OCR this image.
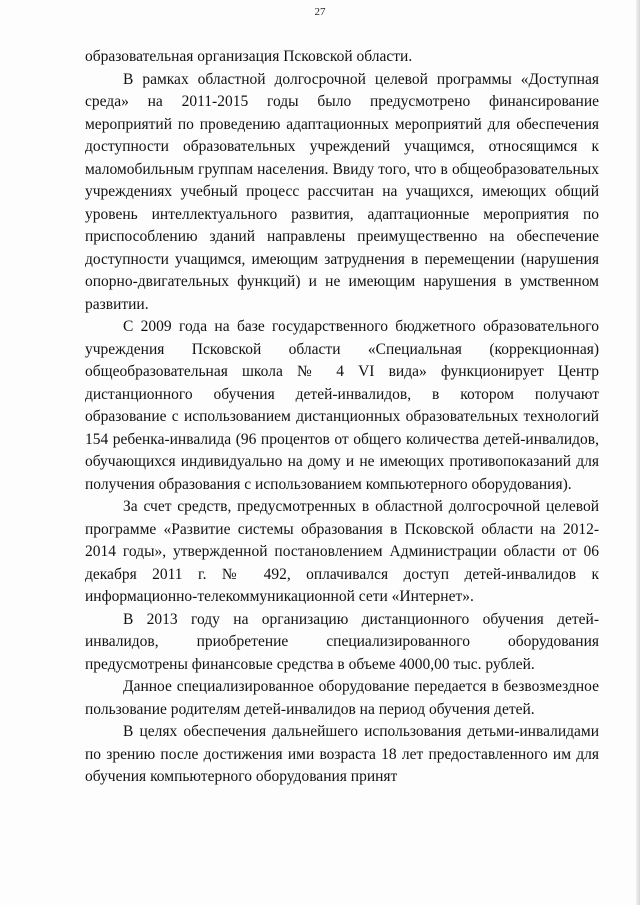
27

образовательная организация Псковской области.

В рамках областной долгосрочной целевой программы «Доступная среда» на 2011-2015 годы было предусмотрено финансирование мероприятий по проведению адаптационных мероприятий для обеспечения доступности образовательных учреждений учащимся, относящимся к маломобильным группам населения. Ввиду того, что в общеобразовательных учреждениях учебный процесс рассчитан на учащихся, имеющих общий уровень интеллектуального развития, адаптационные мероприятия по приспособлению зданий направлены преимущественно на обеспечение доступности учащимся, имеющим затруднения в перемещении (нарушения опорно-двигательных функций) и не имеющим нарушения в умственном развитии.

С 2009 года на базе государственного бюджетного образовательного учреждения Псковской области «Специальная (коррекционная) общеобразовательная школа № 4 VI вида» функционирует Центр дистанционного обучения детей-инвалидов, в котором получают образование с использованием дистанционных образовательных технологий 154 ребенка-инвалида (96 процентов от общего количества детей-инвалидов, обучающихся индивидуально на дому и не имеющих противопоказаний для получения образования с использованием компьютерного оборудования).

За счет средств, предусмотренных в областной долгосрочной целевой программе «Развитие системы образования в Псковской области на 2012-2014 годы», утвержденной постановлением Администрации области от 06 декабря 2011 г. № 492, оплачивался доступ детей-инвалидов к информационно-телекоммуникационной сети «Интернет».

В 2013 году на организацию дистанционного обучения детей-инвалидов, приобретение специализированного оборудования предусмотрены финансовые средства в объеме 4000,00 тыс. рублей.

Данное специализированное оборудование передается в безвозмездное пользование родителям детей-инвалидов на период обучения детей.

В целях обеспечения дальнейшего использования детьми-инвалидами по зрению после достижения ими возраста 18 лет предоставленного им для обучения компьютерного оборудования принят
